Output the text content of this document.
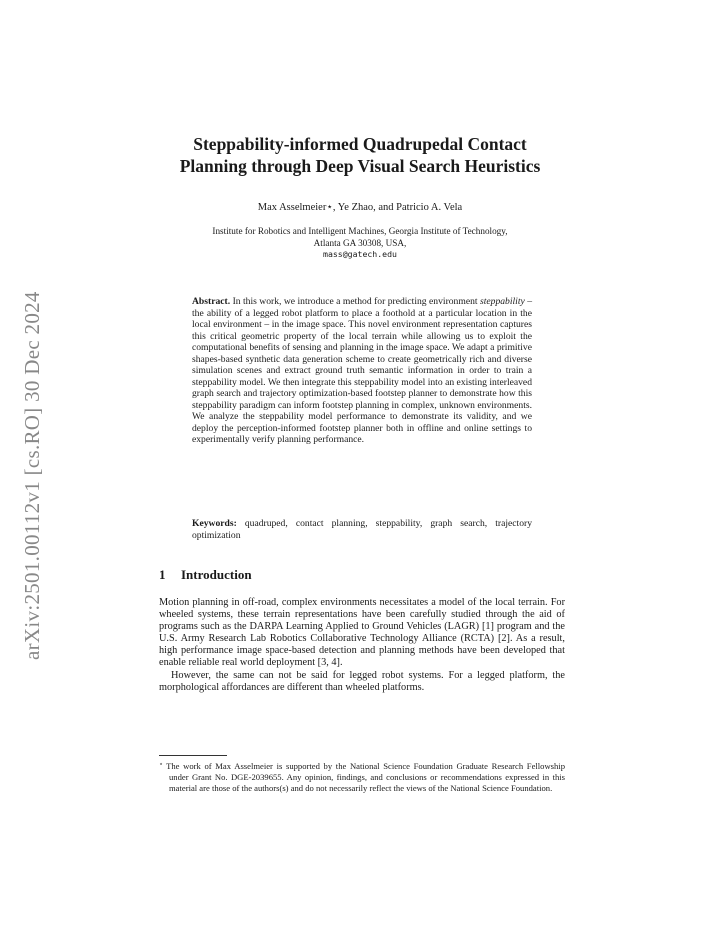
arXiv:2501.00112v1 [cs.RO] 30 Dec 2024
Steppability-informed Quadrupedal Contact
Planning through Deep Visual Search Heuristics
Max Asselmeier⋆, Ye Zhao, and Patricio A. Vela
Institute for Robotics and Intelligent Machines, Georgia Institute of Technology,
Atlanta GA 30308, USA,
mass@gatech.edu
Abstract. In this work, we introduce a method for predicting environment steppability – the ability of a legged robot platform to place a foothold at a particular location in the local environment – in the image space. This novel environment representation captures this critical geometric property of the local terrain while allowing us to exploit the computational benefits of sensing and planning in the image space. We adapt a primitive shapes-based synthetic data generation scheme to create geometrically rich and diverse simulation scenes and extract ground truth semantic information in order to train a steppability model. We then integrate this steppability model into an existing interleaved graph search and trajectory optimization-based footstep planner to demonstrate how this steppability paradigm can inform footstep planning in complex, unknown environments. We analyze the steppability model performance to demonstrate its validity, and we deploy the perception-informed footstep planner both in offline and online settings to experimentally verify planning performance.
Keywords: quadruped, contact planning, steppability, graph search, trajectory optimization
1 Introduction

Motion planning in off-road, complex environments necessitates a model of the local terrain. For wheeled systems, these terrain representations have been carefully studied through the aid of programs such as the DARPA Learning Applied to Ground Vehicles (LAGR) [1] program and the U.S. Army Research Lab Robotics Collaborative Technology Alliance (RCTA) [2]. As a result, high performance image space-based detection and planning methods have been developed that enable reliable real world deployment [3, 4].

However, the same can not be said for legged robot systems. For a legged platform, the morphological affordances are different than wheeled platforms.

⋆ The work of Max Asselmeier is supported by the National Science Foundation Graduate Research Fellowship under Grant No. DGE-2039655. Any opinion, findings, and conclusions or recommendations expressed in this material are those of the authors(s) and do not necessarily reflect the views of the National Science Foundation.
